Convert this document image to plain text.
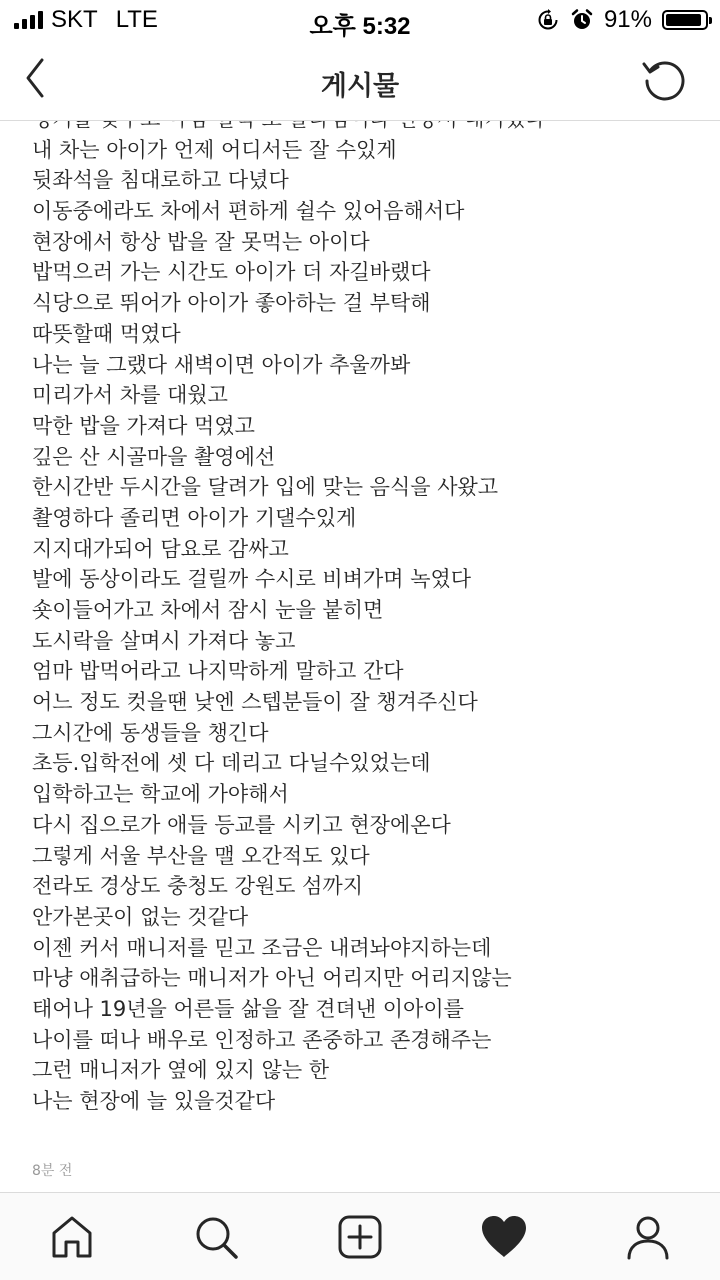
SKT LTE	오후 5:32	91%
게시물
내 차는 아이가 언제 어디서든 잘 수있게
뒷좌석을 침대로하고 다녔다
이동중에라도 차에서 편하게 쉴수 있어음해서다
현장에서 항상 밥을 잘 못먹는 아이다
밥먹으러 가는 시간도 아이가 더 자길바랬다
식당으로 뛰어가 아이가 좋아하는 걸 부탁해
따뜻할때 먹였다
나는 늘 그랬다 새벽이면 아이가 추울까봐
미리가서 차를 대웠고
막한 밥을 가져다 먹였고
깊은 산 시골마을 촬영에선
한시간반 두시간을 달려가 입에 맞는 음식을 사왔고
촬영하다 졸리면 아이가 기댈수있게
지지대가되어 담요로 감싸고
발에 동상이라도 걸릴까 수시로 비벼가며 녹였다
숏이들어가고 차에서 잠시 눈을 붙히면
도시락을 살며시 가져다 놓고
엄마 밥먹어라고 나지막하게 말하고 간다
어느 정도 컷을땐 낮엔 스텝분들이 잘 챙겨주신다
그시간에 동생들을 챙긴다
초등.입학전에 셋 다 데리고 다닐수있었는데
입학하고는 학교에 가야해서
다시 집으로가 애들 등교를 시키고 현장에온다
그렇게 서울 부산을 맬 오간적도 있다
전라도 경상도 충청도 강원도 섬까지
안가본곳이 없는 것같다
이젠 커서 매니저를 믿고 조금은 내려놔야지하는데
마냥 애취급하는 매니저가 아닌 어리지만 어리지않는
태어나 19년을 어른들 삶을 잘 견뎌낸 이아이를
나이를 떠나 배우로 인정하고 존중하고 존경해주는
그런 매니저가 옆에 있지 않는 한
나는 현장에 늘 있을것같다
8분 전
